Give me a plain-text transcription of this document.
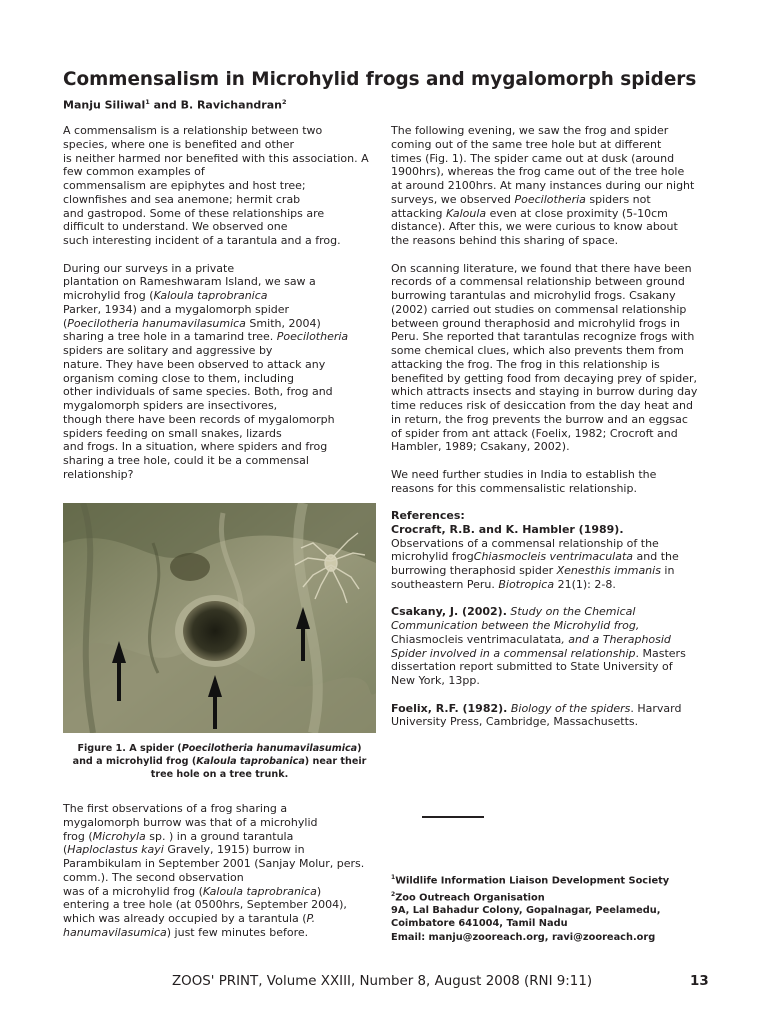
Commensalism in Microhylid frogs and mygalomorph spiders
Manju Siliwal$^1$ and B. Ravichandran$^2$

A commensalism is a relationship between two
species, where one is benefited and other
is neither harmed nor benefited with this association. A
few common examples of
commensalism are epiphytes and host tree;
clownfishes and sea anemone; hermit crab
and gastropod. Some of these relationships are
difficult to understand. We observed one
such interesting incident of a tarantula and a frog.

During our surveys in a private
plantation on Rameshwaram Island, we saw a
microhylid frog (Kaloula taprobranica
Parker, 1934) and a mygalomorph spider
(Poecilotheria hanumavilasumica Smith, 2004)
sharing a tree hole in a tamarind tree. Poecilotheria
spiders are solitary and aggressive by
nature. They have been observed to attack any
organism coming close to them, including
other individuals of same species. Both, frog and
mygalomorph spiders are insectivores,
though there have been records of mygalomorph
spiders feeding on small snakes, lizards
and frogs. In a situation, where spiders and frog
sharing a tree hole, could it be a commensal
relationship?

Figure 1. A spider (Poecilotheria hanumavilasumica)
and a microhylid frog (Kaloula taprobanica) near their
tree hole on a tree trunk.
The first observations of a frog sharing a
mygalomorph burrow was that of a microhylid
frog (Microhyla sp. ) in a ground tarantula
(Haploclastus kayi Gravely, 1915) burrow in
Parambikulam in September 2001 (Sanjay Molur, pers.
comm.). The second observation
was of a microhylid frog (Kaloula taprobranica)
entering a tree hole (at 0500hrs, September 2004),
which was already occupied by a tarantula (P.
hanumavilasumica) just few minutes before.

The following evening, we saw the frog and spider
coming out of the same tree hole but at different
times (Fig. 1). The spider came out at dusk (around
1900hrs), whereas the frog came out of the tree hole
at around 2100hrs. At many instances during our night
surveys, we observed Poecilotheria spiders not
attacking Kaloula even at close proximity (5-10cm
distance). After this, we were curious to know about
the reasons behind this sharing of space.

On scanning literature, we found that there have been
records of a commensal relationship between ground
burrowing tarantulas and microhylid frogs. Csakany
(2002) carried out studies on commensal relationship
between ground theraphosid and microhylid frogs in
Peru. She reported that tarantulas recognize frogs with
some chemical clues, which also prevents them from
attacking the frog. The frog in this relationship is
benefited by getting food from decaying prey of spider,
which attracts insects and staying in burrow during day
time reduces risk of desiccation from the day heat and
in return, the frog prevents the burrow and an eggsac
of spider from ant attack (Foelix, 1982; Crocroft and
Hambler, 1989; Csakany, 2002).

We need further studies in India to establish the
reasons for this commensalistic relationship.

References:
Crocraft, R.B. and K. Hambler (1989).
Observations of a commensal relationship of the
microhylid frogChiasmocleis ventrimaculata and the
burrowing theraphosid spider Xenesthis immanis in
southeastern Peru. Biotropica 21(1): 2-8.
Csakany, J. (2002). Study on the Chemical
Communication between the Microhylid frog,
Chiasmocleis ventrimaculatata, and a Theraphosid
Spider involved in a commensal relationship. Masters
dissertation report submitted to State University of
New York, 13pp.
Foelix, R.F. (1982). Biology of the spiders. Harvard
University Press, Cambridge, Massachusetts.
$^1$Wildlife Information Liaison Development Society
$^2$Zoo Outreach Organisation
9A, Lal Bahadur Colony, Gopalnagar, Peelamedu,
Coimbatore 641004, Tamil Nadu
Email: manju@zooreach.org, ravi@zooreach.org
ZOOS' PRINT, Volume XXIII, Number 8, August 2008 (RNI 9:11)	13
